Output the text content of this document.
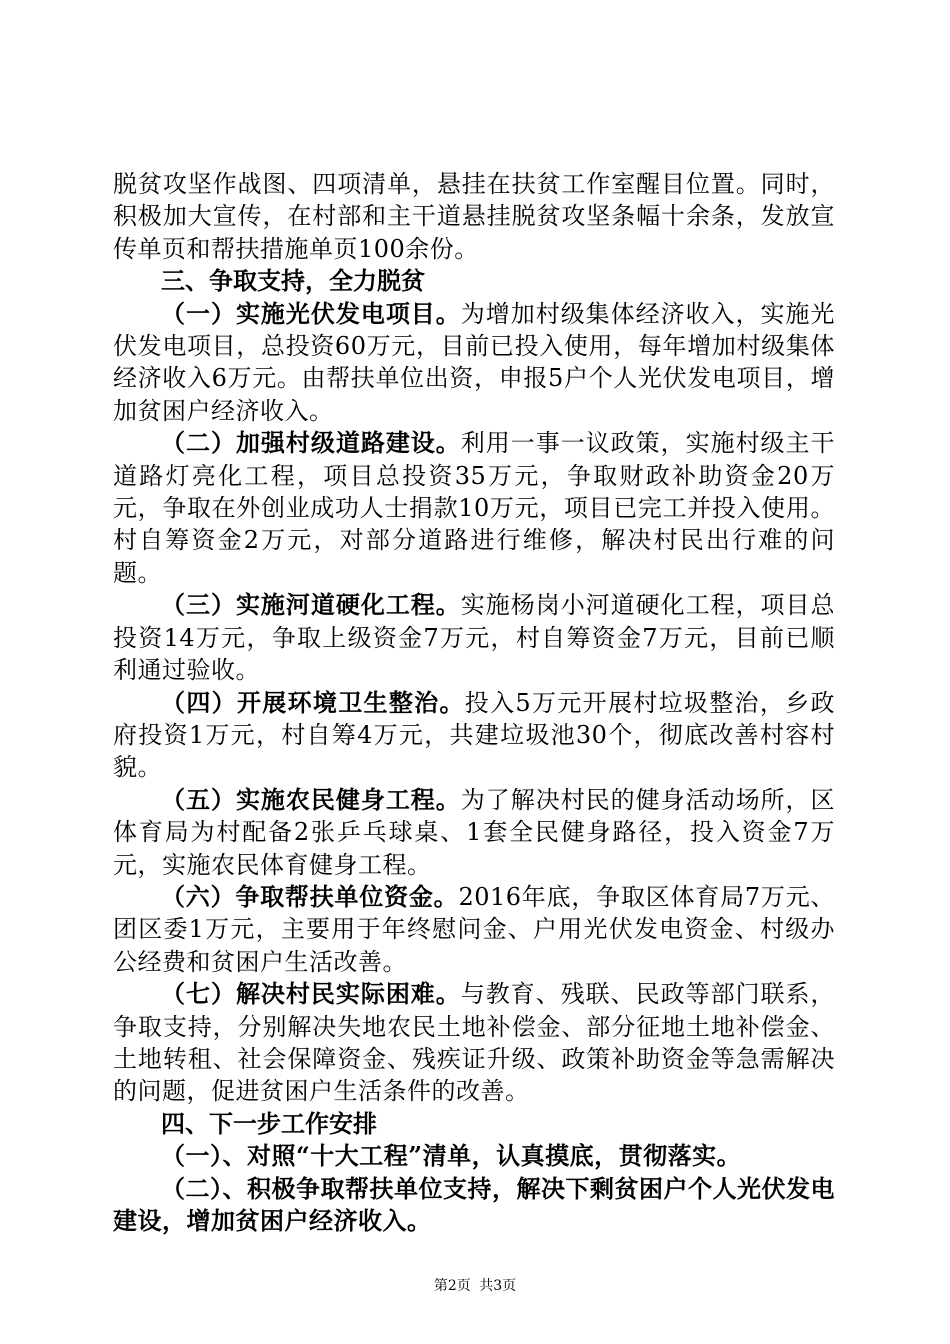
脱贫攻坚作战图、四项清单，悬挂在扶贫工作室醒目位置。同时，积极加大宣传，在村部和主干道悬挂脱贫攻坚条幅十余条，发放宣传单页和帮扶措施单页100余份。

三、争取支持，全力脱贫

（一）实施光伏发电项目。为增加村级集体经济收入，实施光伏发电项目，总投资60万元，目前已投入使用，每年增加村级集体经济收入6万元。由帮扶单位出资，申报5户个人光伏发电项目，增加贫困户经济收入。

（二）加强村级道路建设。利用一事一议政策，实施村级主干道路灯亮化工程，项目总投资35万元，争取财政补助资金20万元，争取在外创业成功人士捐款10万元，项目已完工并投入使用。村自筹资金2万元，对部分道路进行维修，解决村民出行难的问题。

（三）实施河道硬化工程。实施杨岗小河道硬化工程，项目总投资14万元，争取上级资金7万元，村自筹资金7万元，目前已顺利通过验收。

（四）开展环境卫生整治。投入5万元开展村垃圾整治，乡政府投资1万元，村自筹4万元，共建垃圾池30个，彻底改善村容村貌。

（五）实施农民健身工程。为了解决村民的健身活动场所，区体育局为村配备2张乒乓球桌、1套全民健身路径，投入资金7万元，实施农民体育健身工程。

（六）争取帮扶单位资金。2016年底，争取区体育局7万元、团区委1万元，主要用于年终慰问金、户用光伏发电资金、村级办公经费和贫困户生活改善。

（七）解决村民实际困难。与教育、残联、民政等部门联系，争取支持，分别解决失地农民土地补偿金、部分征地土地补偿金、土地转租、社会保障资金、残疾证升级、政策补助资金等急需解决的问题，促进贫困户生活条件的改善。

四、下一步工作安排

（一）、对照“十大工程”清单，认真摸底，贯彻落实。

（二）、积极争取帮扶单位支持，解决下剩贫困户个人光伏发电建设，增加贫困户经济收入。

第2页 共3页
